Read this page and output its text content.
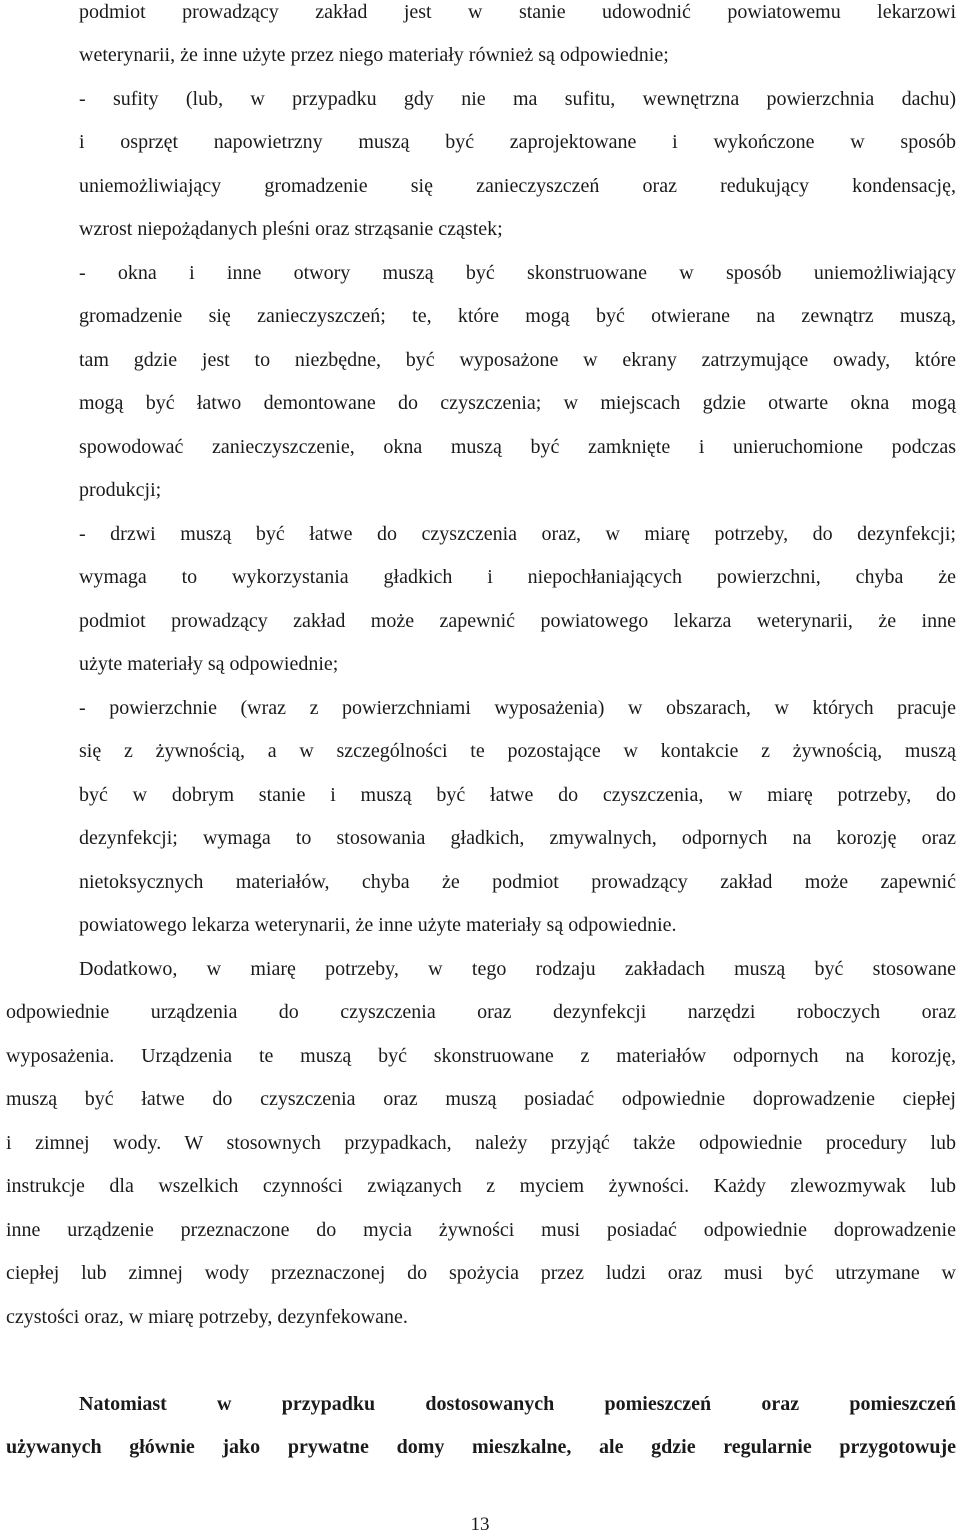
podmiot prowadzący zakład jest w stanie udowodnić powiatowemu lekarzowi
weterynarii, że inne użyte przez niego materiały również są odpowiednie;
- sufity (lub, w przypadku gdy nie ma sufitu, wewnętrzna powierzchnia dachu)
i osprzęt napowietrzny muszą być zaprojektowane i wykończone w sposób
uniemożliwiający gromadzenie się zanieczyszczeń oraz redukujący kondensację,
wzrost niepożądanych pleśni oraz strząsanie cząstek;
- okna i inne otwory muszą być skonstruowane w sposób uniemożliwiający
gromadzenie się zanieczyszczeń; te, które mogą być otwierane na zewnątrz muszą,
tam gdzie jest to niezbędne, być wyposażone w ekrany zatrzymujące owady, które
mogą być łatwo demontowane do czyszczenia; w miejscach gdzie otwarte okna mogą
spowodować zanieczyszczenie, okna muszą być zamknięte i unieruchomione podczas
produkcji;
- drzwi muszą być łatwe do czyszczenia oraz, w miarę potrzeby, do dezynfekcji;
wymaga to wykorzystania gładkich i niepochłaniających powierzchni, chyba że
podmiot prowadzący zakład może zapewnić powiatowego lekarza weterynarii, że inne
użyte materiały są odpowiednie;
- powierzchnie (wraz z powierzchniami wyposażenia) w obszarach, w których pracuje
się z żywnością, a w szczególności te pozostające w kontakcie z żywnością, muszą
być w dobrym stanie i muszą być łatwe do czyszczenia, w miarę potrzeby, do
dezynfekcji; wymaga to stosowania gładkich, zmywalnych, odpornych na korozję oraz
nietoksycznych materiałów, chyba że podmiot prowadzący zakład może zapewnić
powiatowego lekarza weterynarii, że inne użyte materiały są odpowiednie.
Dodatkowo, w miarę potrzeby, w tego rodzaju zakładach muszą być stosowane
odpowiednie urządzenia do czyszczenia oraz dezynfekcji narzędzi roboczych oraz
wyposażenia. Urządzenia te muszą być skonstruowane z materiałów odpornych na korozję,
muszą być łatwe do czyszczenia oraz muszą posiadać odpowiednie doprowadzenie ciepłej
i zimnej wody. W stosownych przypadkach, należy przyjąć także odpowiednie procedury lub
instrukcje dla wszelkich czynności związanych z myciem żywności. Każdy zlewozmywak lub
inne urządzenie przeznaczone do mycia żywności musi posiadać odpowiednie doprowadzenie
ciepłej lub zimnej wody przeznaczonej do spożycia przez ludzi oraz musi być utrzymane w
czystości oraz, w miarę potrzeby, dezynfekowane.
Natomiast w przypadku dostosowanych pomieszczeń oraz pomieszczeń
używanych głównie jako prywatne domy mieszkalne, ale gdzie regularnie przygotowuje
13
